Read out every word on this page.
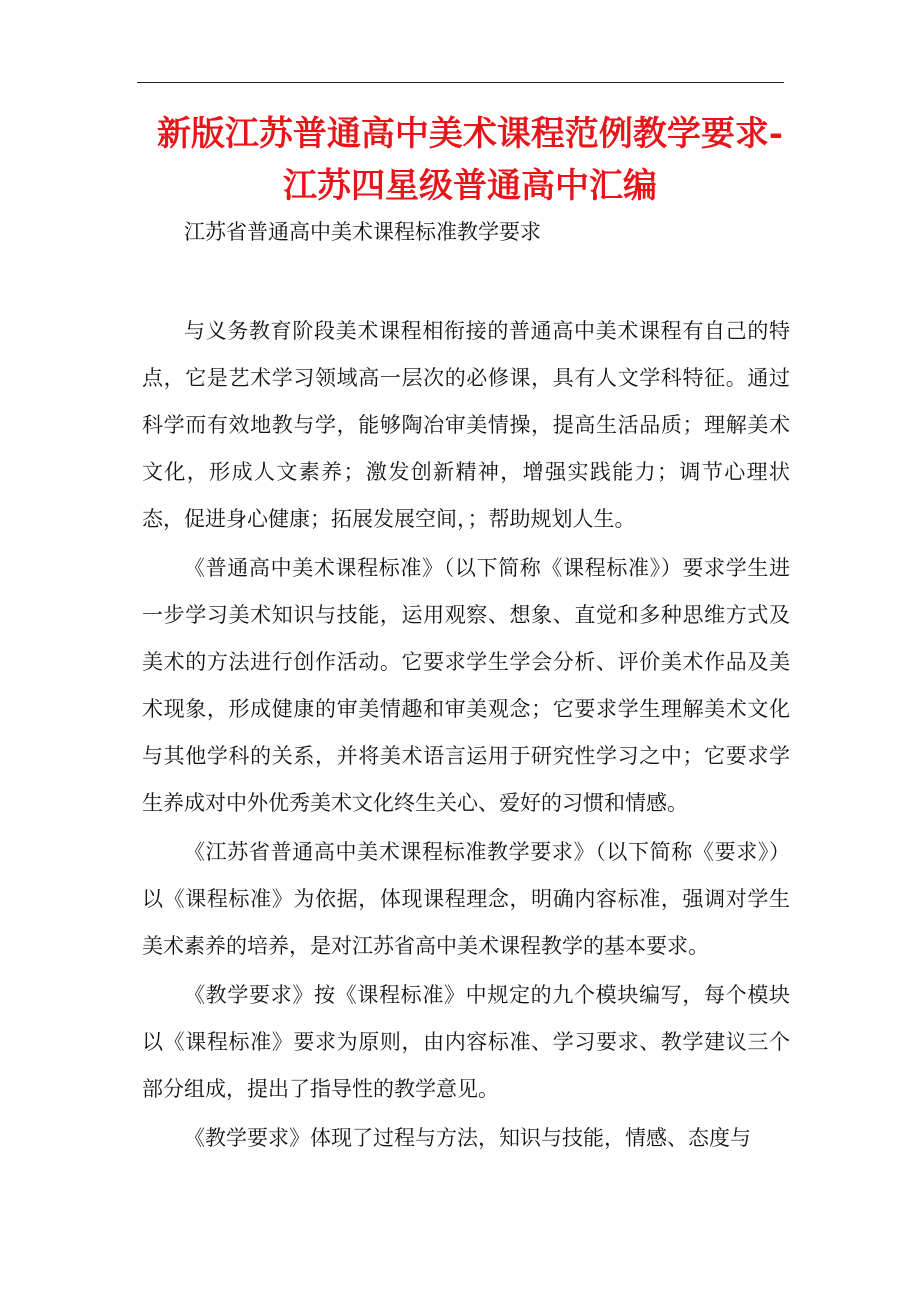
新版江苏普通高中美术课程范例教学要求-
江苏四星级普通高中汇编

江苏省普通高中美术课程标准教学要求

与义务教育阶段美术课程相衔接的普通高中美术课程有自己的特点，它是艺术学习领域高一层次的必修课，具有人文学科特征。通过科学而有效地教与学，能够陶冶审美情操，提高生活品质；理解美术文化，形成人文素养；激发创新精神，增强实践能力；调节心理状态，促进身心健康；拓展发展空间，；帮助规划人生。

《普通高中美术课程标准》（以下简称《课程标准》）要求学生进一步学习美术知识与技能，运用观察、想象、直觉和多种思维方式及美术的方法进行创作活动。它要求学生学会分析、评价美术作品及美术现象，形成健康的审美情趣和审美观念；它要求学生理解美术文化与其他学科的关系，并将美术语言运用于研究性学习之中；它要求学生养成对中外优秀美术文化终生关心、爱好的习惯和情感。

《江苏省普通高中美术课程标准教学要求》（以下简称《要求》）以《课程标准》为依据，体现课程理念，明确内容标准，强调对学生美术素养的培养，是对江苏省高中美术课程教学的基本要求。

《教学要求》按《课程标准》中规定的九个模块编写，每个模块以《课程标准》要求为原则，由内容标准、学习要求、教学建议三个部分组成，提出了指导性的教学意见。

《教学要求》体现了过程与方法，知识与技能，情感、态度与
